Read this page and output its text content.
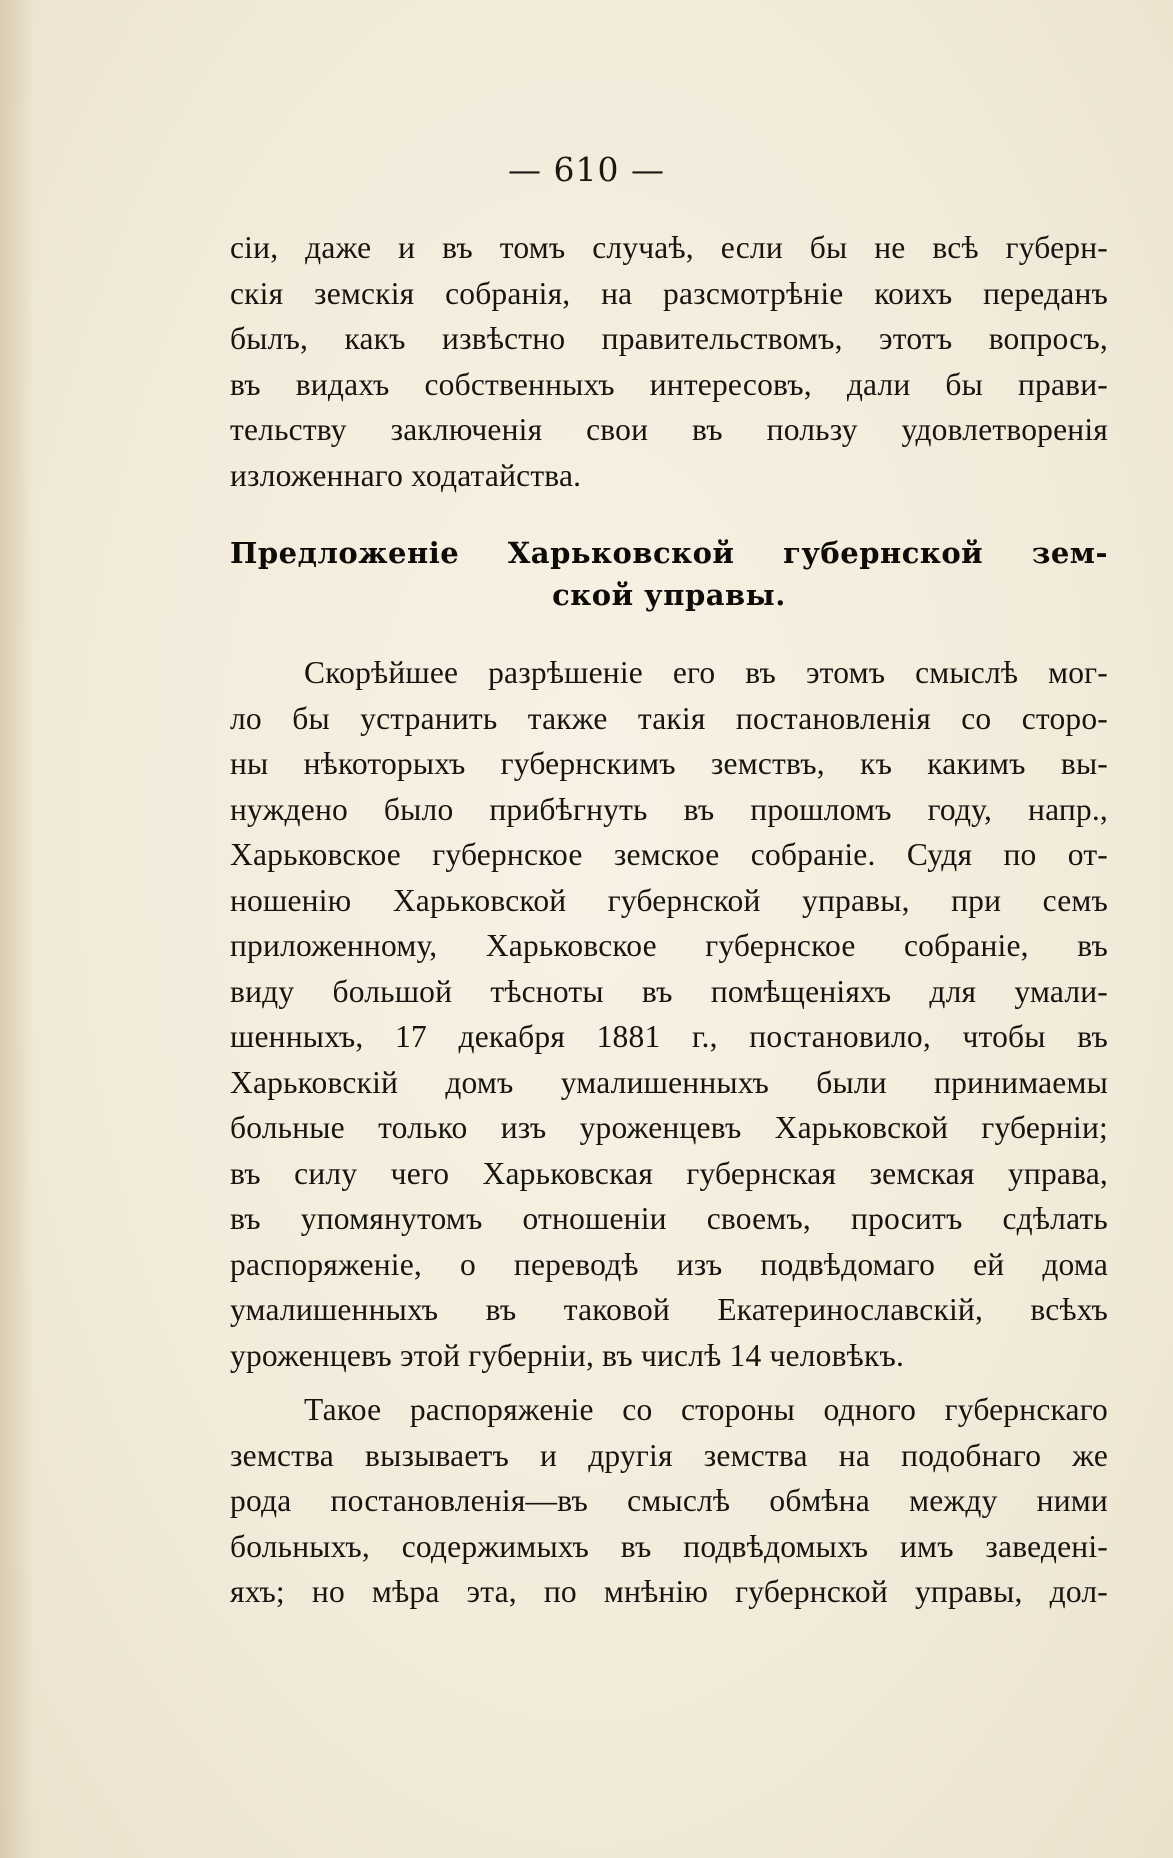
— 610 —
сіи, даже и въ томъ случаѣ, если бы не всѣ губерн-
скія земскія собранія, на разсмотрѣніе коихъ переданъ
былъ, какъ извѣстно правительствомъ, этотъ вопросъ,
въ видахъ собственныхъ интересовъ, дали бы прави-
тельству заключенія свои въ пользу удовлетворенія
изложеннаго ходатайства.
Предложеніе Харьковской губернской зем-
ской управы.
Скорѣйшее разрѣшеніе его въ этомъ смыслѣ мог-
ло бы устранить также такія постановленія со сторо-
ны нѣкоторыхъ губернскимъ земствъ, къ какимъ вы-
нуждено было прибѣгнуть въ прошломъ году, напр.,
Харьковское губернское земское собраніе. Судя по от-
ношенію Харьковской губернской управы, при семъ
приложенному, Харьковское губернское собраніе, въ
виду большой тѣсноты въ помѣщеніяхъ для умали-
шенныхъ, 17 декабря 1881 г., постановило, чтобы въ
Харьковскій домъ умалишенныхъ были принимаемы
больные только изъ уроженцевъ Харьковской губерніи;
въ силу чего Харьковская губернская земская управа,
въ упомянутомъ отношеніи своемъ, проситъ сдѣлать
распоряженіе, о переводѣ изъ подвѣдомаго ей дома
умалишенныхъ въ таковой Екатеринославскій, всѣхъ
уроженцевъ этой губерніи, въ числѣ 14 человѣкъ.
Такое распоряженіе со стороны одного губернскаго
земства вызываетъ и другія земства на подобнаго же
рода постановленія—въ смыслѣ обмѣна между ними
больныхъ, содержимыхъ въ подвѣдомыхъ имъ заведені-
яхъ; но мѣра эта, по мнѣнію губернской управы, дол-
